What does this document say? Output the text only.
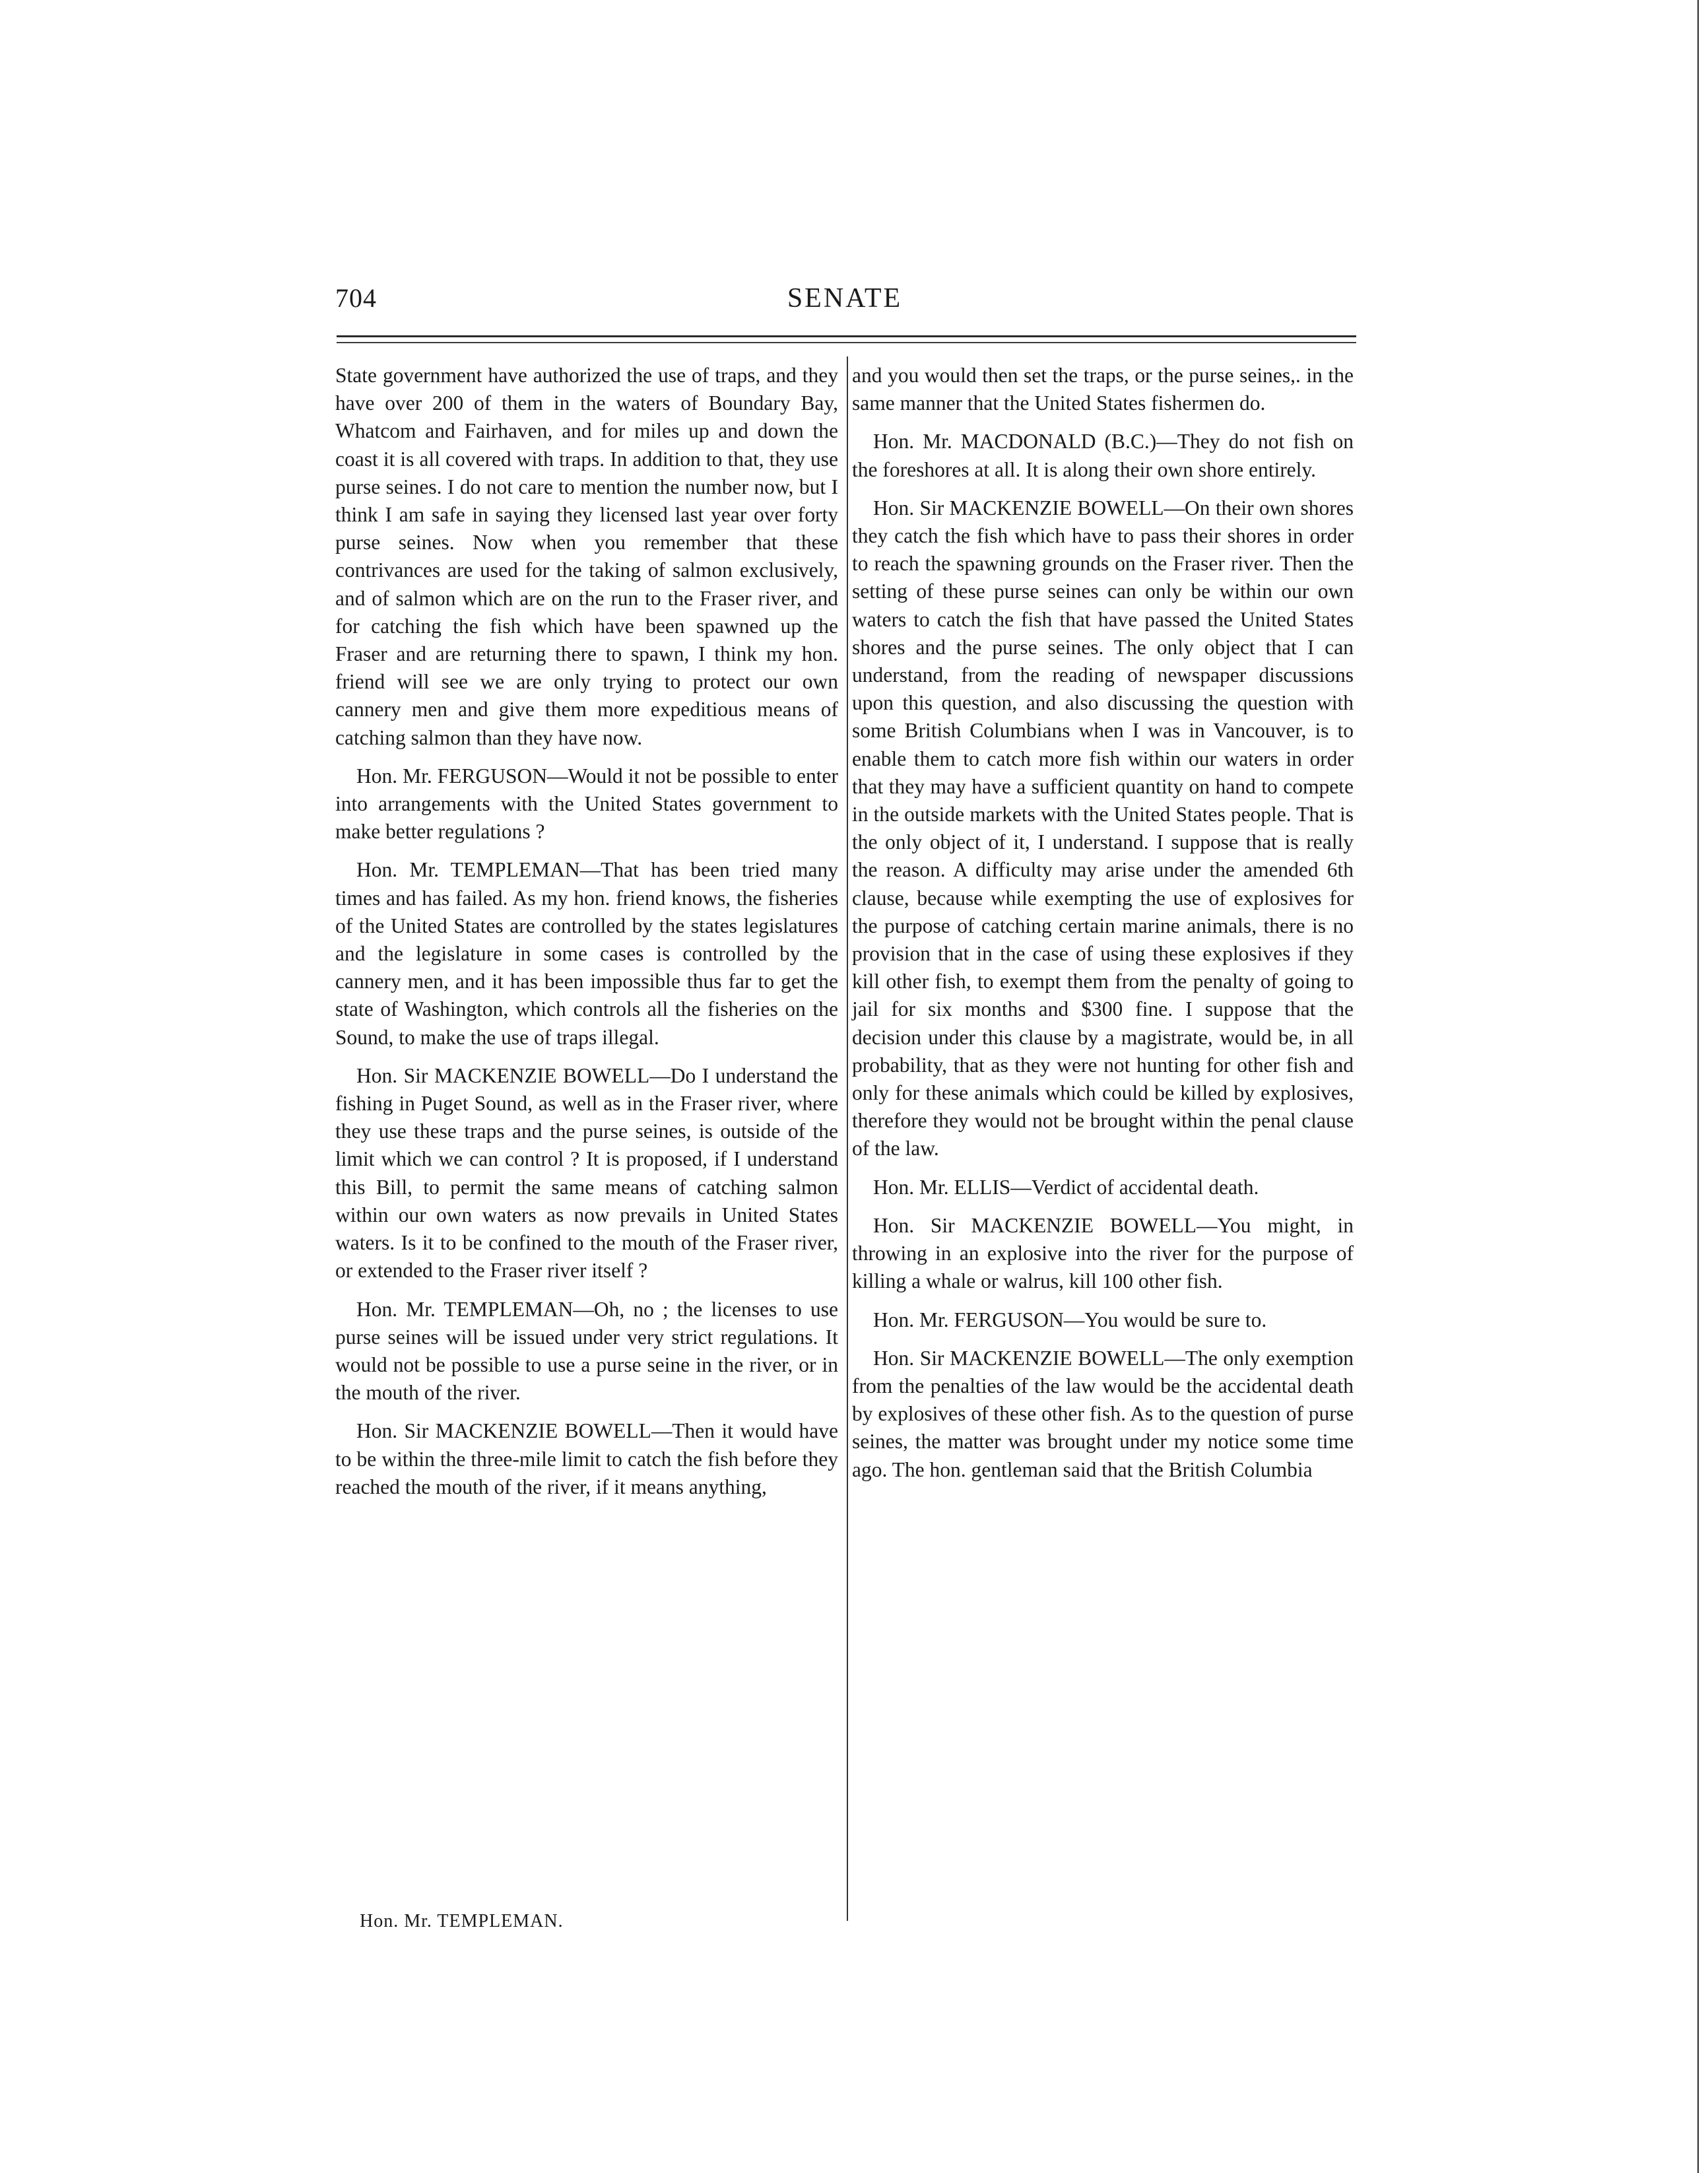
704	SENATE

State government have authorized the use of traps, and they have over 200 of them in the waters of Boundary Bay, Whatcom and Fairhaven, and for miles up and down the coast it is all covered with traps. In addition to that, they use purse seines. I do not care to mention the number now, but I think I am safe in saying they licensed last year over forty purse seines. Now when you remember that these contrivances are used for the taking of salmon exclusively, and of salmon which are on the run to the Fraser river, and for catching the fish which have been spawned up the Fraser and are returning there to spawn, I think my hon. friend will see we are only trying to protect our own cannery men and give them more expeditious means of catching salmon than they have now.

Hon. Mr. FERGUSON—Would it not be possible to enter into arrangements with the United States government to make better regulations ?

Hon. Mr. TEMPLEMAN—That has been tried many times and has failed. As my hon. friend knows, the fisheries of the United States are controlled by the states legislatures and the legislature in some cases is controlled by the cannery men, and it has been impossible thus far to get the state of Washington, which controls all the fisheries on the Sound, to make the use of traps illegal.

Hon. Sir MACKENZIE BOWELL—Do I understand the fishing in Puget Sound, as well as in the Fraser river, where they use these traps and the purse seines, is outside of the limit which we can control ? It is proposed, if I understand this Bill, to permit the same means of catching salmon within our own waters as now prevails in United States waters. Is it to be confined to the mouth of the Fraser river, or extended to the Fraser river itself ?

Hon. Mr. TEMPLEMAN—Oh, no ; the licenses to use purse seines will be issued under very strict regulations. It would not be possible to use a purse seine in the river, or in the mouth of the river.

Hon. Sir MACKENZIE BOWELL—Then it would have to be within the three-mile limit to catch the fish before they reached the mouth of the river, if it means anything,

and you would then set the traps, or the purse seines,. in the same manner that the United States fishermen do.

Hon. Mr. MACDONALD (B.C.)—They do not fish on the foreshores at all. It is along their own shore entirely.

Hon. Sir MACKENZIE BOWELL—On their own shores they catch the fish which have to pass their shores in order to reach the spawning grounds on the Fraser river. Then the setting of these purse seines can only be within our own waters to catch the fish that have passed the United States shores and the purse seines. The only object that I can understand, from the reading of newspaper discussions upon this question, and also discussing the question with some British Columbians when I was in Vancouver, is to enable them to catch more fish within our waters in order that they may have a sufficient quantity on hand to compete in the outside markets with the United States people. That is the only object of it, I understand. I suppose that is really the reason. A difficulty may arise under the amended 6th clause, because while exempting the use of explosives for the purpose of catching certain marine animals, there is no provision that in the case of using these explosives if they kill other fish, to exempt them from the penalty of going to jail for six months and $300 fine. I suppose that the decision under this clause by a magistrate, would be, in all probability, that as they were not hunting for other fish and only for these animals which could be killed by explosives, therefore they would not be brought within the penal clause of the law.

Hon. Mr. ELLIS—Verdict of accidental death.

Hon. Sir MACKENZIE BOWELL—You might, in throwing in an explosive into the river for the purpose of killing a whale or walrus, kill 100 other fish.

Hon. Mr. FERGUSON—You would be sure to.

Hon. Sir MACKENZIE BOWELL—The only exemption from the penalties of the law would be the accidental death by explosives of these other fish. As to the question of purse seines, the matter was brought under my notice some time ago. The hon. gentleman said that the British Columbia

Hon. Mr. TEMPLEMAN.
